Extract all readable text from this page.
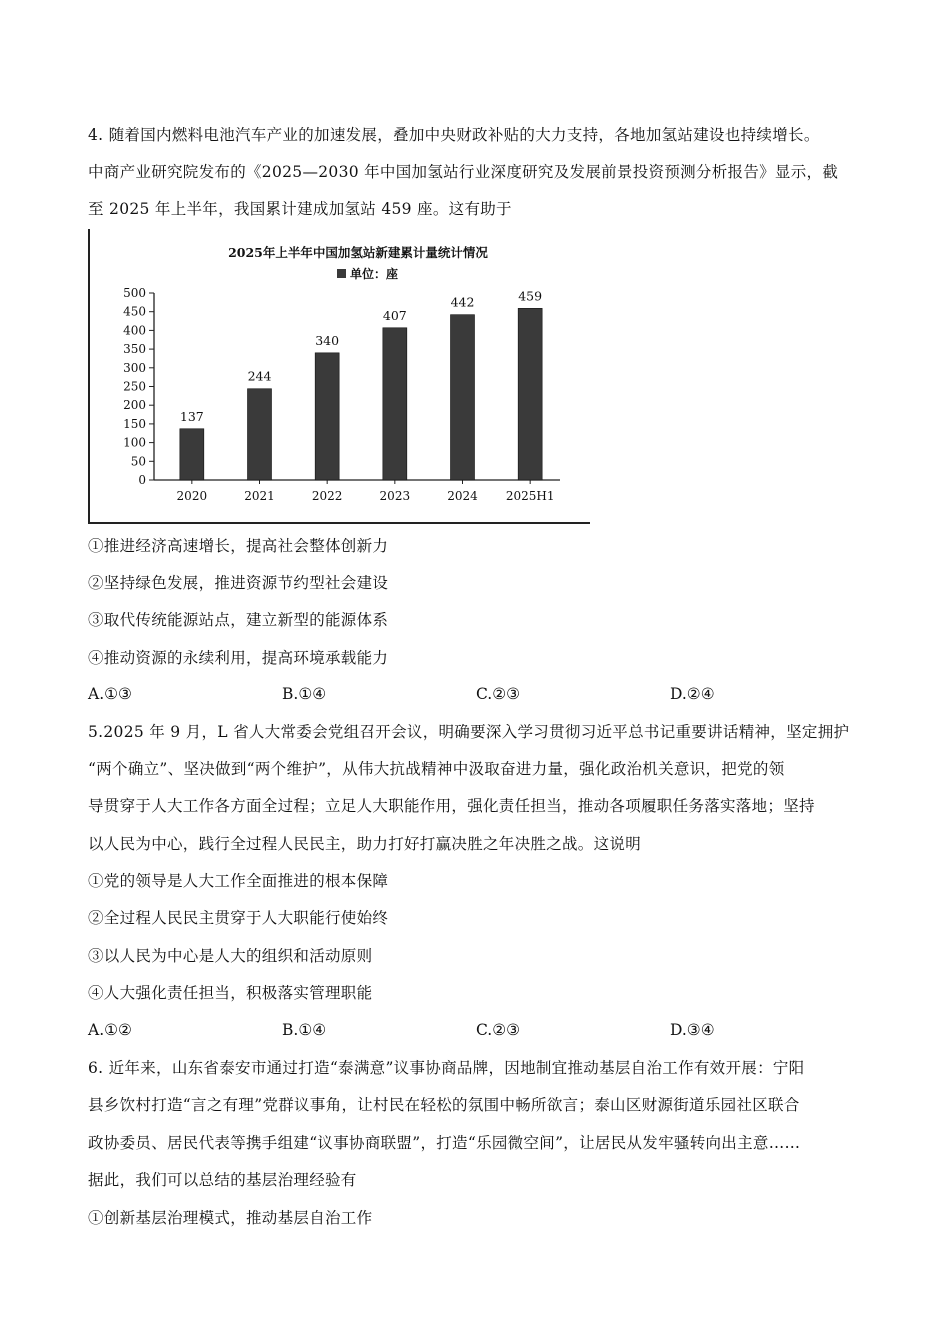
4. 随着国内燃料电池汽车产业的加速发展，叠加中央财政补贴的大力支持，各地加氢站建设也持续增长。
中商产业研究院发布的《2025—2030 年中国加氢站行业深度研究及发展前景投资预测分析报告》显示，截
至 2025 年上半年，我国累计建成加氢站 459 座。这有助于
2025年上半年中国加氢站新建累计量统计情况
单位：座
0
50
100
150
200
250
300
350
400
450
500
2020	2021	2022	2023	2024 2025H1
137
244
340
407
442	459
①推进经济高速增长，提高社会整体创新力
②坚持绿色发展，推进资源节约型社会建设
③取代传统能源站点，建立新型的能源体系
④推动资源的永续利用，提高环境承载能力
A.①③	B.①④	C.②③	D.②④
5.2025 年 9 月，L 省人大常委会党组召开会议，明确要深入学习贯彻习近平总书记重要讲话精神，坚定拥护
“两个确立”、坚决做到“两个维护”，从伟大抗战精神中汲取奋进力量，强化政治机关意识，把党的领
导贯穿于人大工作各方面全过程；立足人大职能作用，强化责任担当，推动各项履职任务落实落地；坚持
以人民为中心，践行全过程人民民主，助力打好打赢决胜之年决胜之战。这说明
①党的领导是人大工作全面推进的根本保障
②全过程人民民主贯穿于人大职能行使始终
③以人民为中心是人大的组织和活动原则
④人大强化责任担当，积极落实管理职能
A.①②	B.①④	C.②③	D.③④
6. 近年来，山东省泰安市通过打造“泰满意”议事协商品牌，因地制宜推动基层自治工作有效开展：宁阳
县乡饮村打造“言之有理”党群议事角，让村民在轻松的氛围中畅所欲言；泰山区财源街道乐园社区联合
政协委员、居民代表等携手组建“议事协商联盟”，打造“乐园微空间”，让居民从发牢骚转向出主意……
据此，我们可以总结的基层治理经验有
①创新基层治理模式，推动基层自治工作
